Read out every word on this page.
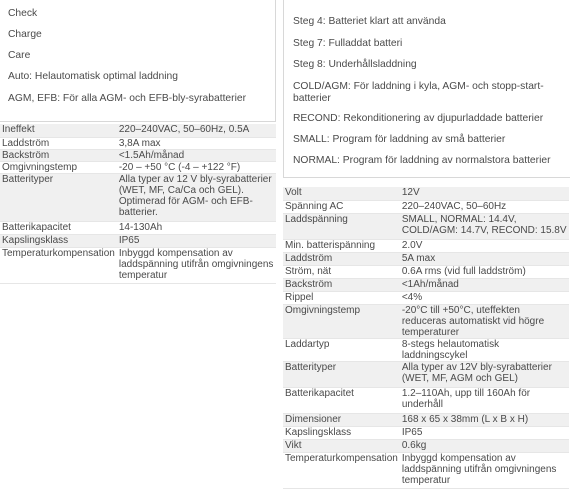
Check
Charge
Care
Auto: Helautomatisk optimal laddning
AGM, EFB: För alla AGM- och EFB-bly-syrabatterier
Steg 4: Batteriet klart att använda
Steg 7: Fulladdat batteri
Steg 8: Underhållsladdning
COLD/AGM: För laddning i kyla, AGM- och stopp-start-batterier
RECOND: Rekonditionering av djupurladdade batterier
SMALL: Program för laddning av små batterier
NORMAL: Program för laddning av normalstora batterier
Ineffekt	220–240VAC, 50–60Hz, 0.5A
Laddström	3,8A max
Backström	<1.5Ah/månad
Omgivningstemp	-20 – +50 °C (-4 – +122 °F)
Batterityper	Alla typer av 12 V bly-syrabatterier (WET, MF, Ca/Ca och GEL). Optimerad för AGM- och EFB-batterier.
Batterikapacitet	14-130Ah
Kapslingsklass	IP65
Temperaturkompensation	Inbyggd kompensation av laddspänning utifrån omgivningens temperatur
Volt	12V
Spänning AC	220–240VAC, 50–60Hz
Laddspänning	SMALL, NORMAL: 14.4V, COLD/AGM: 14.7V, RECOND: 15.8V
Min. batterispänning	2.0V
Laddström	5A max
Ström, nät	0.6A rms (vid full laddström)
Backström	<1Ah/månad
Rippel	<4%
Omgivningstemp	-20°C till +50°C, uteffekten reduceras automatiskt vid högre temperaturer
Laddartyp	8-stegs helautomatisk laddningscykel
Batterityper	Alla typer av 12V bly-syrabatterier (WET, MF, AGM och GEL)
Batterikapacitet	1.2–110Ah, upp till 160Ah för underhåll
Dimensioner	168 x 65 x 38mm (L x B x H)
Kapslingsklass	IP65
Vikt	0.6kg
Temperaturkompensation	Inbyggd kompensation av laddspänning utifrån omgivningens temperatur
